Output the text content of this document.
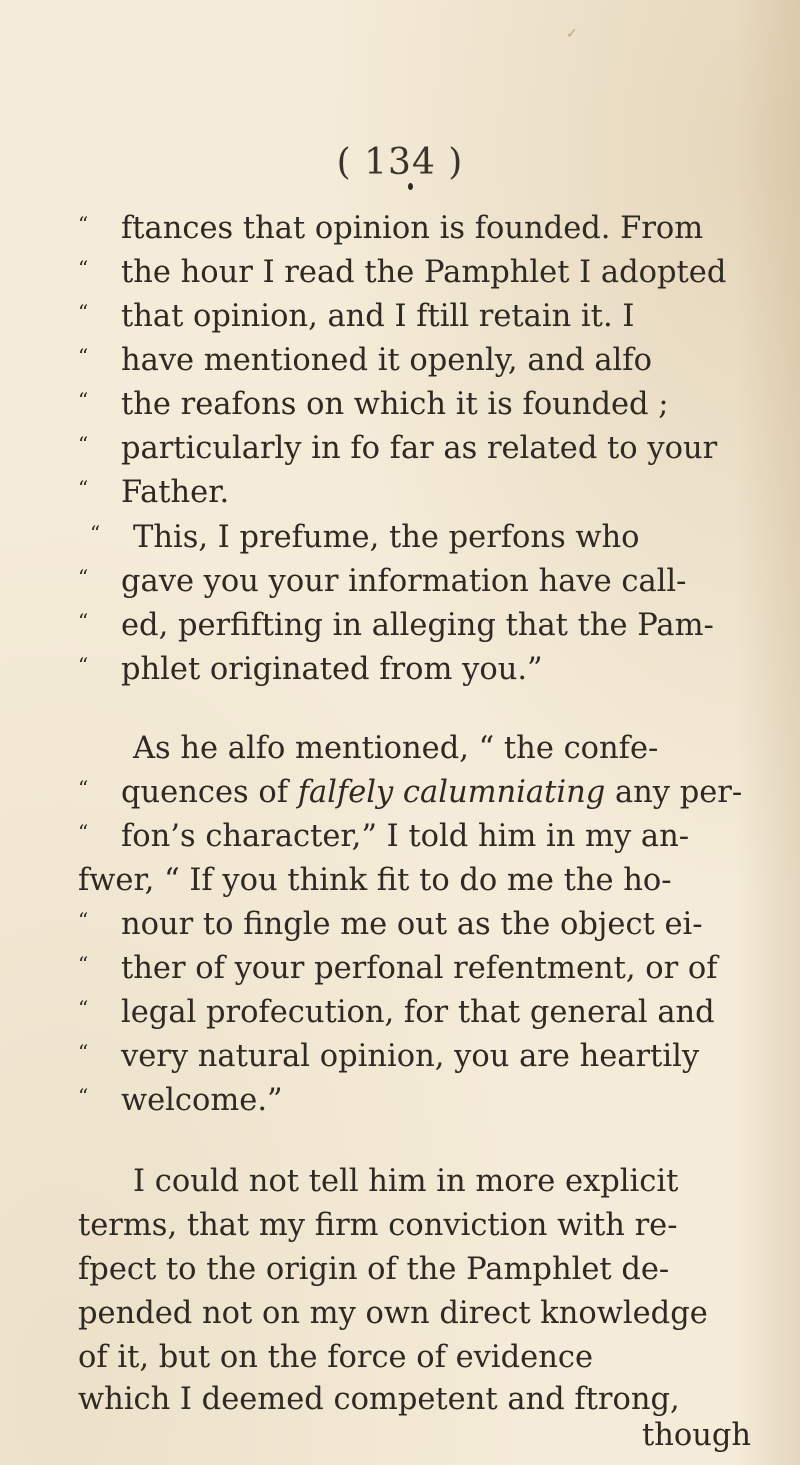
✓
( 134 )
“ ftances that opinion is founded. From
“ the hour I read the Pamphlet I adopted
“ that opinion, and I ftill retain it. I
“ have mentioned it openly, and alfo
“ the reafons on which it is founded ;
“ particularly in fo far as related to your
“ Father.
“ This, I prefume, the perfons who
“ gave you your information have call-
“ ed, perfifting in alleging that the Pam-
“ phlet originated from you.”
As he alfo mentioned, “ the confe-
“ quences of falfely calumniating any per-
“ fon’s character,” I told him in my an-
fwer, “ If you think fit to do me the ho-
“ nour to fingle me out as the object ei-
“ ther of your perfonal refentment, or of
“ legal profecution, for that general and
“ very natural opinion, you are heartily
“ welcome.”
I could not tell him in more explicit
terms, that my firm conviction with re-
fpect to the origin of the Pamphlet de-
pended not on my own direct knowledge
of it, but on the force of evidence
which I deemed competent and ftrong,
though
